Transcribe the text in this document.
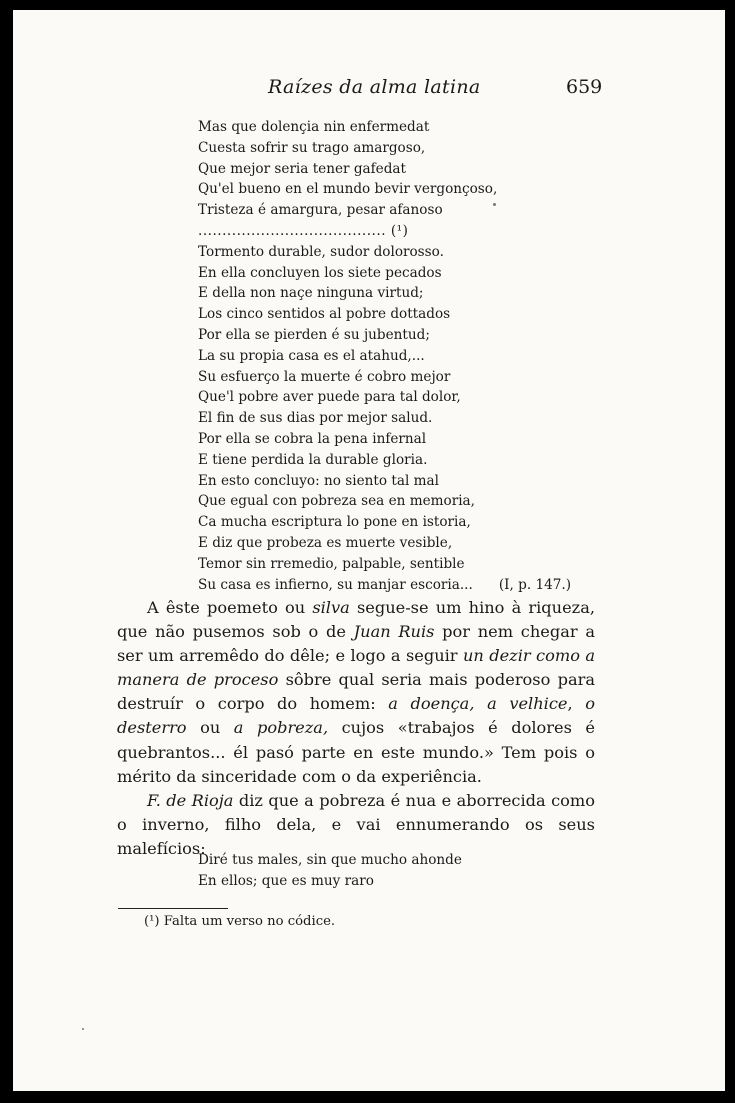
Raízes da alma latina	659
Mas que dolençia nin enfermedat
Cuesta sofrir su trago amargoso,
Que mejor seria tener gafedat
Qu'el bueno en el mundo bevir vergonçoso,
Tristeza é amargura, pesar afanoso
....................................... (¹)
Tormento durable, sudor dolorosso.
En ella concluyen los siete pecados
E della non naçe ninguna virtud;
Los cinco sentidos al pobre dottados
Por ella se pierden é su jubentud;
La su propia casa es el atahud,...
Su esfuerço la muerte é cobro mejor
Que'l pobre aver puede para tal dolor,
El fin de sus dias por mejor salud.
Por ella se cobra la pena infernal
E tiene perdida la durable gloria.
En esto concluyo: no siento tal mal
Que egual con pobreza sea en memoria,
Ca mucha escriptura lo pone en istoria,
E diz que probeza es muerte vesible,
Temor sin rremedio, palpable, sentible
Su casa es infierno, su manjar escoria... (I, p. 147.)

A êste poemeto ou silva segue-se um hino à riqueza, que não pusemos sob o de Juan Ruis por nem chegar a ser um arremêdo do dêle; e logo a seguir un dezir como a manera de proceso sôbre qual seria mais poderoso para destruír o corpo do homem: a doença, a velhice, o desterro ou a pobreza, cujos «trabajos é dolores é quebrantos... él pasó parte en este mundo.» Tem pois o mérito da sinceridade com o da experiência.

F. de Rioja diz que a pobreza é nua e aborrecida como o inverno, filho dela, e vai ennumerando os seus malefícios:

Diré tus males, sin que mucho ahonde
En ellos; que es muy raro
(¹) Falta um verso no códice.
